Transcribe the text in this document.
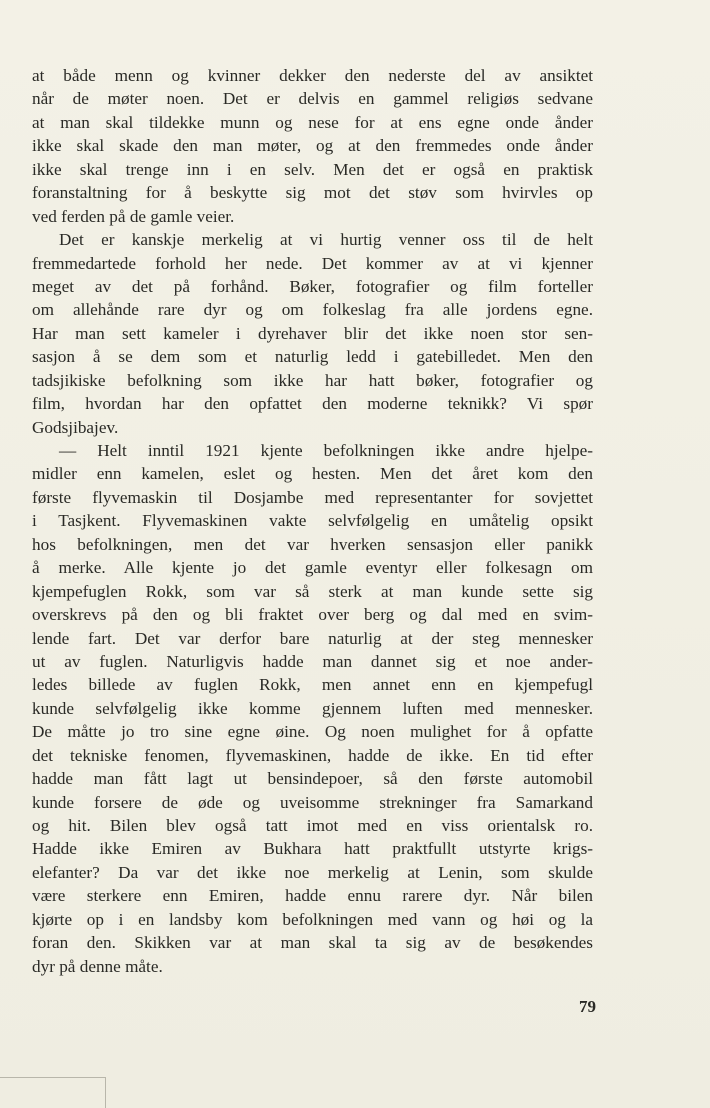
at både menn og kvinner dekker den nederste del av ansiktet
når de møter noen. Det er delvis en gammel religiøs sedvane
at man skal tildekke munn og nese for at ens egne onde ånder
ikke skal skade den man møter, og at den fremmedes onde ånder
ikke skal trenge inn i en selv. Men det er også en praktisk
foranstaltning for å beskytte sig mot det støv som hvirvles op
ved ferden på de gamle veier.
Det er kanskje merkelig at vi hurtig venner oss til de helt
fremmedartede forhold her nede. Det kommer av at vi kjenner
meget av det på forhånd. Bøker, fotografier og film forteller
om allehånde rare dyr og om folkeslag fra alle jordens egne.
Har man sett kameler i dyrehaver blir det ikke noen stor sen-
sasjon å se dem som et naturlig ledd i gatebilledet. Men den
tadsjikiske befolkning som ikke har hatt bøker, fotografier og
film, hvordan har den opfattet den moderne teknikk? Vi spør
Godsjibajev.
— Helt inntil 1921 kjente befolkningen ikke andre hjelpe-
midler enn kamelen, eslet og hesten. Men det året kom den
første flyvemaskin til Dosjambe med representanter for sovjettet
i Tasjkent. Flyvemaskinen vakte selvfølgelig en umåtelig opsikt
hos befolkningen, men det var hverken sensasjon eller panikk
å merke. Alle kjente jo det gamle eventyr eller folkesagn om
kjempefuglen Rokk, som var så sterk at man kunde sette sig
overskrevs på den og bli fraktet over berg og dal med en svim-
lende fart. Det var derfor bare naturlig at der steg mennesker
ut av fuglen. Naturligvis hadde man dannet sig et noe ander-
ledes billede av fuglen Rokk, men annet enn en kjempefugl
kunde selvfølgelig ikke komme gjennem luften med mennesker.
De måtte jo tro sine egne øine. Og noen mulighet for å opfatte
det tekniske fenomen, flyvemaskinen, hadde de ikke. En tid efter
hadde man fått lagt ut bensindepoer, så den første automobil
kunde forsere de øde og uveisomme strekninger fra Samarkand
og hit. Bilen blev også tatt imot med en viss orientalsk ro.
Hadde ikke Emiren av Bukhara hatt praktfullt utstyrte krigs-
elefanter? Da var det ikke noe merkelig at Lenin, som skulde
være sterkere enn Emiren, hadde ennu rarere dyr. Når bilen
kjørte op i en landsby kom befolkningen med vann og høi og la
foran den. Skikken var at man skal ta sig av de besøkendes
dyr på denne måte.
79
